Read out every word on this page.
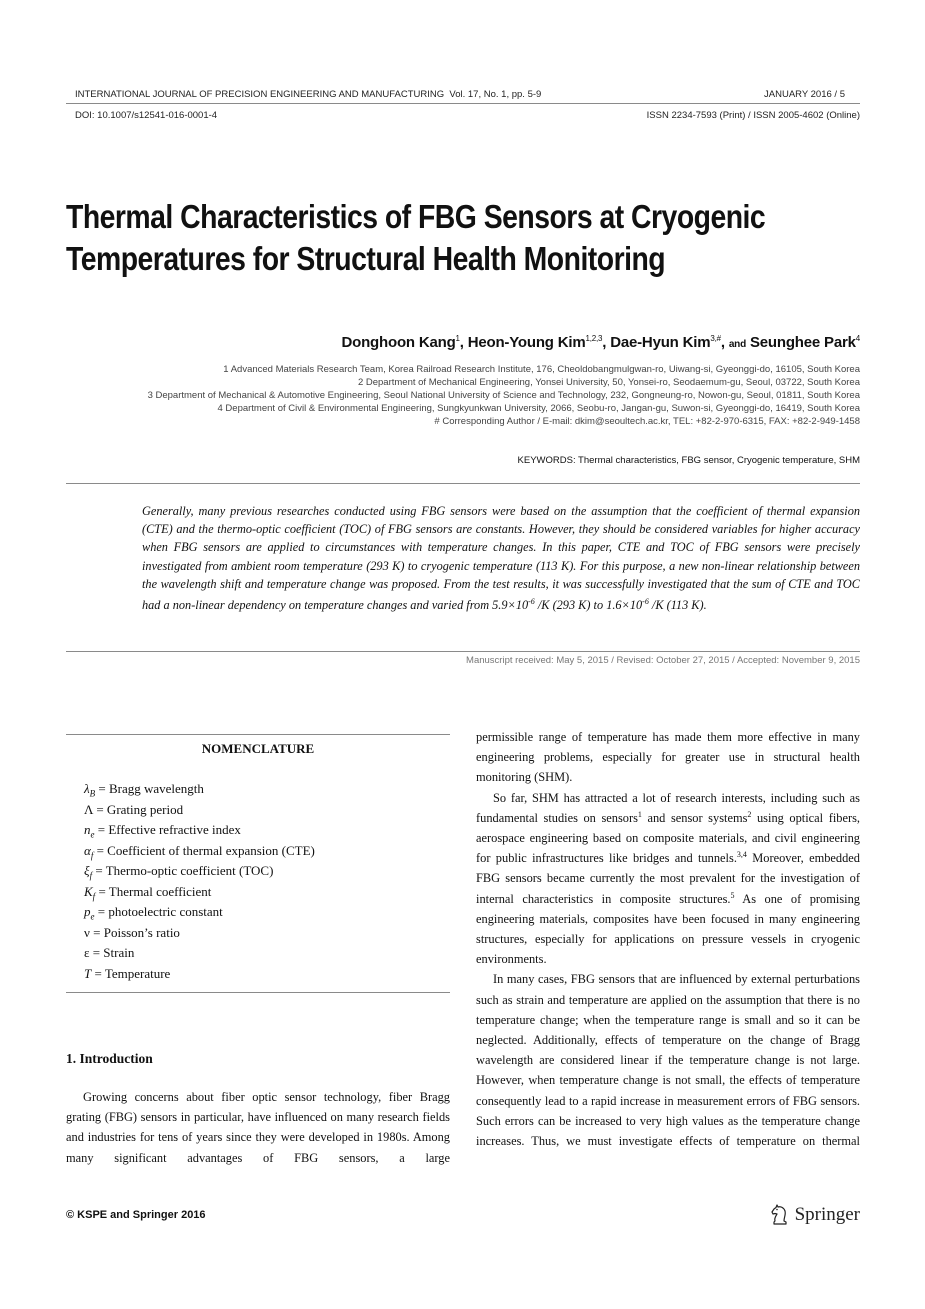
INTERNATIONAL JOURNAL OF PRECISION ENGINEERING AND MANUFACTURING  Vol. 17, No. 1, pp. 5-9	JANUARY 2016 / 5
DOI: 10.1007/s12541-016-0001-4	ISSN 2234-7593 (Print) / ISSN 2005-4602 (Online)
Thermal Characteristics of FBG Sensors at Cryogenic
Temperatures for Structural Health Monitoring
Donghoon Kang$^1$, Heon-Young Kim$^{1,2,3}$, Dae-Hyun Kim$^{3,\#}$, and Seunghee Park$^4$
1 Advanced Materials Research Team, Korea Railroad Research Institute, 176, Cheoldobangmulgwan-ro, Uiwang-si, Gyeonggi-do, 16105, South Korea
2 Department of Mechanical Engineering, Yonsei University, 50, Yonsei-ro, Seodaemum-gu, Seoul, 03722, South Korea
3 Department of Mechanical & Automotive Engineering, Seoul National University of Science and Technology, 232, Gongneung-ro, Nowon-gu, Seoul, 01811, South Korea
4 Department of Civil & Environmental Engineering, Sungkyunkwan University, 2066, Seobu-ro, Jangan-gu, Suwon-si, Gyeonggi-do, 16419, South Korea
# Corresponding Author / E-mail: dkim@seoultech.ac.kr, TEL: +82-2-970-6315, FAX: +82-2-949-1458
KEYWORDS: Thermal characteristics, FBG sensor, Cryogenic temperature, SHM
Generally, many previous researches conducted using FBG sensors were based on the assumption that the coefficient of thermal expansion (CTE) and the thermo-optic coefficient (TOC) of FBG sensors are constants. However, they should be considered variables for higher accuracy when FBG sensors are applied to circumstances with temperature changes. In this paper, CTE and TOC of FBG sensors were precisely investigated from ambient room temperature (293 K) to cryogenic temperature (113 K). For this purpose, a new non-linear relationship between the wavelength shift and temperature change was proposed. From the test results, it was successfully investigated that the sum of CTE and TOC had a non-linear dependency on temperature changes and varied from $5.9\times 10^{-6}$ /K (293 K) to $1.6\times 10^{-6}$ /K (113 K).
Manuscript received: May 5, 2015 / Revised: October 27, 2015 / Accepted: November 9, 2015
NOMENCLATURE
$\lambda_B$ = Bragg wavelength
Λ = Grating period
$n_e$ = Effective refractive index
$\alpha_f$ = Coefficient of thermal expansion (CTE)
$\xi_f$ = Thermo-optic coefficient (TOC)
$K_f$ = Thermal coefficient
$p_e$ = photoelectric constant
ν = Poisson’s ratio
ε = Strain
T = Temperature
1. Introduction

Growing concerns about fiber optic sensor technology, fiber Bragg grating (FBG) sensors in particular, have influenced on many research fields and industries for tens of years since they were developed in 1980s. Among many significant advantages of FBG sensors, a large

permissible range of temperature has made them more effective in many engineering problems, especially for greater use in structural health monitoring (SHM).

So far, SHM has attracted a lot of research interests, including such as fundamental studies on sensors$^1$ and sensor systems$^2$ using optical fibers, aerospace engineering based on composite materials, and civil engineering for public infrastructures like bridges and tunnels.$^{3,4}$ Moreover, embedded FBG sensors became currently the most prevalent for the investigation of internal characteristics in composite structures.$^5$ As one of promising engineering materials, composites have been focused in many engineering structures, especially for applications on pressure vessels in cryogenic environments.

In many cases, FBG sensors that are influenced by external perturbations such as strain and temperature are applied on the assumption that there is no temperature change; when the temperature range is small and so it can be neglected. Additionally, effects of temperature on the change of Bragg wavelength are considered linear if the temperature change is not large. However, when temperature change is not small, the effects of temperature consequently lead to a rapid increase in measurement errors of FBG sensors. Such errors can be increased to very high values as the temperature change increases. Thus, we must investigate effects of temperature on thermal

© KSPE and Springer 2016	Springer
